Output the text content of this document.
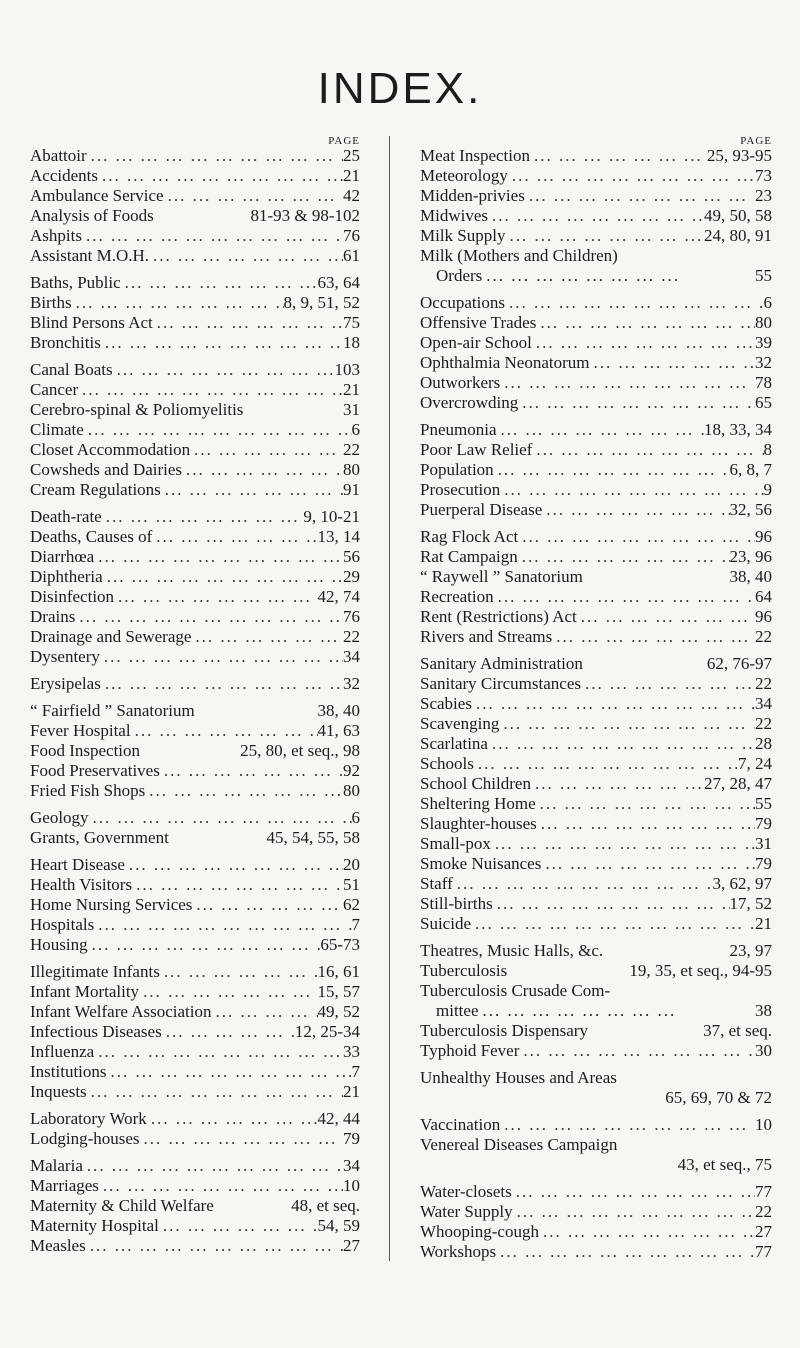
INDEX.
PAGE
Abattoir ... .	25
Accidents ... .	21
Ambulance Service ... .	42
Analysis of Foods	81-93 & 98-102
Ashpits ... .	76
Assistant M.O.H. ... .	61
Baths, Public ... .	63, 64
Births ... .	8, 9, 51, 52
Blind Persons Act ... .	75
Bronchitis ... .	18
Canal Boats ... .	103
Cancer ... .	21
Cerebro-spinal & Poliomyelitis	31
Climate ... .	6
Closet Accommodation ... .	22
Cowsheds and Dairies ... .	80
Cream Regulations ... .	91
Death-rate ... .	9, 10-21
Deaths, Causes of ... .	13, 14
Diarrhœa ... .	56
Diphtheria ... .	29
Disinfection ... .	42, 74
Drains ... .	76
Drainage and Sewerage ... .	22
Dysentery ... .	34
Erysipelas ... .	32
“ Fairfield ” Sanatorium	38, 40
Fever Hospital ... .	41, 63
Food Inspection	25, 80, et seq., 98
Food Preservatives ... .	92
Fried Fish Shops ... .	80
Geology ... .	6
Grants, Government	45, 54, 55, 58
Heart Disease ... .	20
Health Visitors ... .	51
Home Nursing Services ... .	62
Hospitals ... .	7
Housing ... .	65-73
Illegitimate Infants ... .	16, 61
Infant Mortality ... .	15, 57
Infant Welfare Association ... .	49, 52
Infectious Diseases ... .	12, 25-34
Influenza ... .	33
Institutions ... .	7
Inquests ... .	21
Laboratory Work ... .	42, 44
Lodging-houses ... .	79
Malaria ... .	34
Marriages ... .	10
Maternity & Child Welfare	48, et seq.
Maternity Hospital ... .	54, 59
Measles ... .	27
PAGE
Meat Inspection ... .	25, 93-95
Meteorology ... .	73
Midden-privies ... .	23
Midwives ... .	49, 50, 58
Milk Supply ... .	24, 80, 91
Milk (Mothers and Children)
Orders ... .	55
Occupations ... .	6
Offensive Trades ... .	80
Open-air School ... .	39
Ophthalmia Neonatorum ... .	32
Outworkers ... .	78
Overcrowding ... .	65
Pneumonia ... .	18, 33, 34
Poor Law Relief ... .	8
Population ... .	6, 8, 7
Prosecution ... .	9
Puerperal Disease ... .	32, 56
Rag Flock Act ... .	96
Rat Campaign ... .	23, 96
“ Raywell ” Sanatorium	38, 40
Recreation ... .	64
Rent (Restrictions) Act ... .	96
Rivers and Streams ... .	22
Sanitary Administration	62, 76-97
Sanitary Circumstances ... .	22
Scabies ... .	34
Scavenging ... .	22
Scarlatina ... .	28
Schools ... .	7, 24
School Children ... .	27, 28, 47
Sheltering Home ... .	55
Slaughter-houses ... .	79
Small-pox ... .	31
Smoke Nuisances ... .	79
Staff ... .	3, 62, 97
Still-births ... .	17, 52
Suicide ... .	21
Theatres, Music Halls, &c.	23, 97
Tuberculosis	19, 35, et seq., 94-95
Tuberculosis Crusade Com-
mittee ... .	38
Tuberculosis Dispensary	37, et seq.
Typhoid Fever ... .	30
Unhealthy Houses and Areas
65, 69, 70 & 72
Vaccination ... .	10
Venereal Diseases Campaign
43, et seq., 75
Water-closets ... .	77
Water Supply ... .	22
Whooping-cough ... .	27
Workshops ... .	77
